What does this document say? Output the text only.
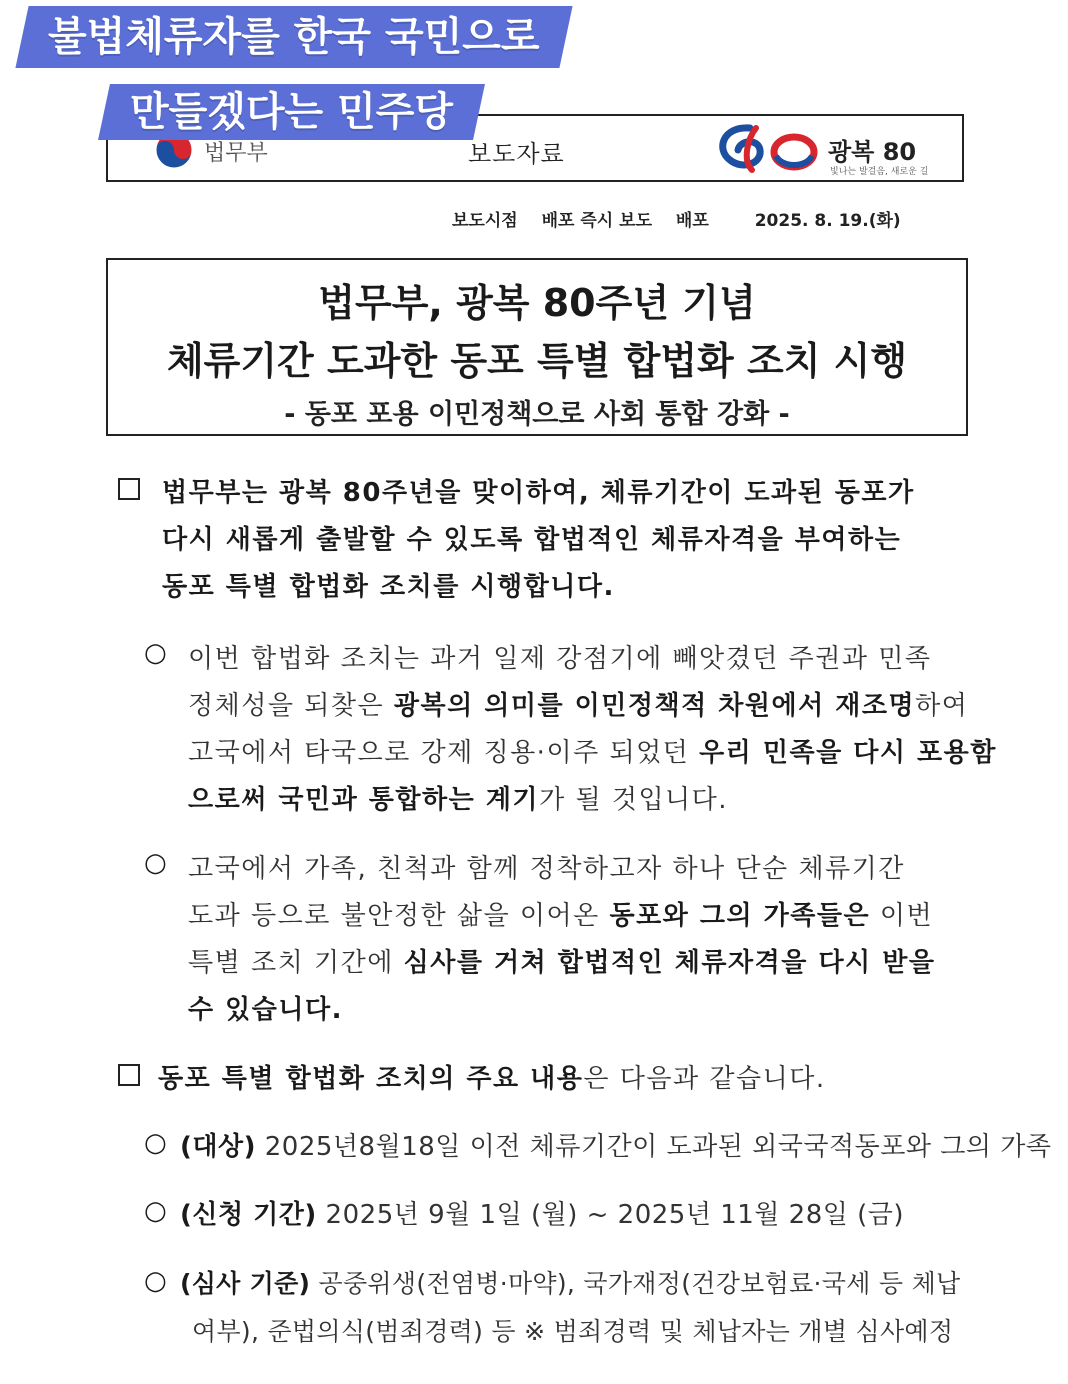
불법체류자를 한국 국민으로
만들겠다는 민주당
법무부	보도자료	광복 80
빛나는 발걸음, 새로운 길
보도시점 배포 즉시 보도 배포	2025. 8. 19.(화)
법무부, 광복 80주년 기념
체류기간 도과한 동포 특별 합법화 조치 시행
- 동포 포용 이민정책으로 사회 통합 강화 -
법무부는 광복 80주년을 맞이하여, 체류기간이 도과된 동포가
다시 새롭게 출발할 수 있도록 합법적인 체류자격을 부여하는
동포 특별 합법화 조치를 시행합니다.
○ 이번 합법화 조치는 과거 일제 강점기에 빼앗겼던 주권과 민족
정체성을 되찾은 광복의 의미를 이민정책적 차원에서 재조명하여
고국에서 타국으로 강제 징용·이주 되었던 우리 민족을 다시 포용함
으로써 국민과 통합하는 계기가 될 것입니다.
○ 고국에서 가족, 친척과 함께 정착하고자 하나 단순 체류기간
도과 등으로 불안정한 삶을 이어온 동포와 그의 가족들은 이번
특별 조치 기간에 심사를 거쳐 합법적인 체류자격을 다시 받을
수 있습니다.
동포 특별 합법화 조치의 주요 내용은 다음과 같습니다.
○ (대상) 2025년8월18일 이전 체류기간이 도과된 외국국적동포와 그의 가족
○ (신청 기간) 2025년 9월 1일 (월) ~ 2025년 11월 28일 (금)
○ (심사 기준) 공중위생(전염병·마약), 국가재정(건강보험료·국세 등 체납
여부), 준법의식(범죄경력) 등 ※ 범죄경력 및 체납자는 개별 심사예정
